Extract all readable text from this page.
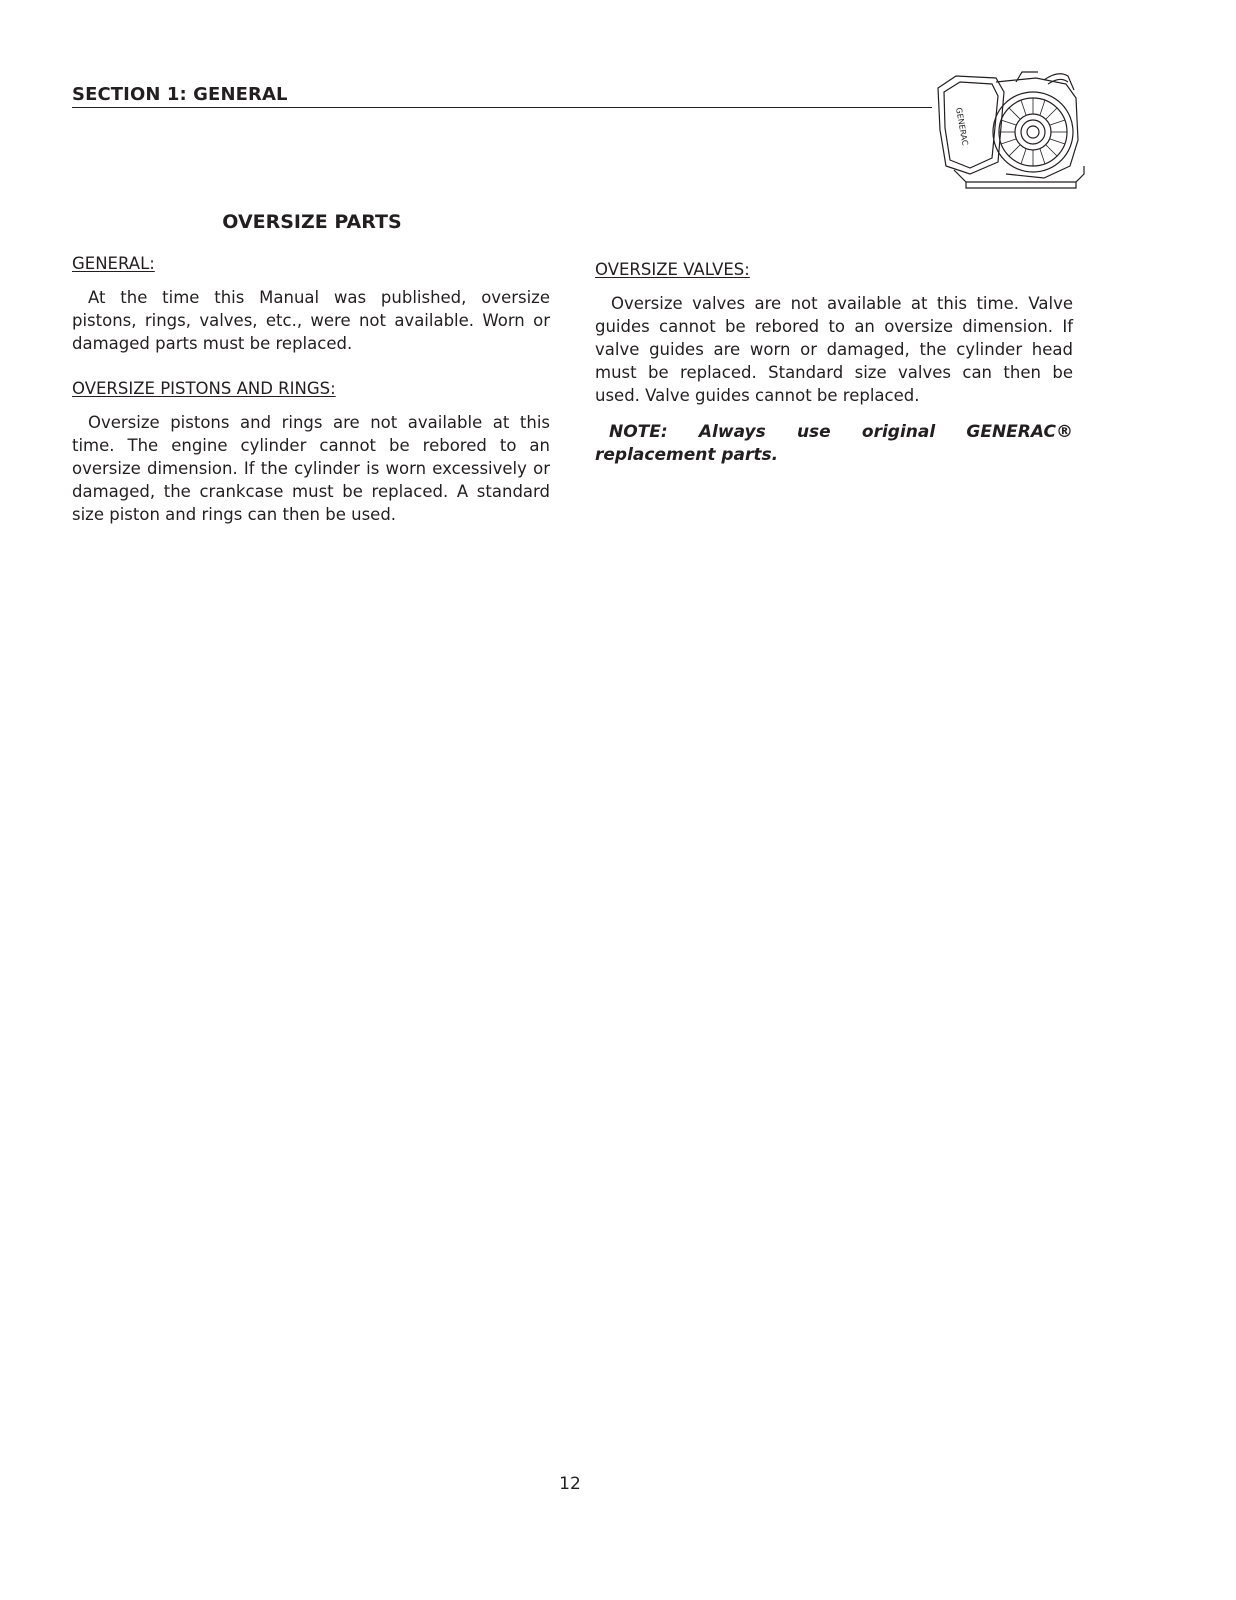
SECTION 1: GENERAL
GENERAC
OVERSIZE PARTS

GENERAL:

At the time this Manual was published, oversize pistons, rings, valves, etc., were not available. Worn or damaged parts must be replaced.

OVERSIZE PISTONS AND RINGS:

Oversize pistons and rings are not available at this time. The engine cylinder cannot be rebored to an oversize dimension. If the cylinder is worn excessively or damaged, the crankcase must be replaced. A standard size piston and rings can then be used.

OVERSIZE VALVES:

Oversize valves are not available at this time. Valve guides cannot be rebored to an oversize dimension. If valve guides are worn or damaged, the cylinder head must be replaced. Standard size valves can then be used. Valve guides cannot be replaced.

NOTE: Always use original GENERAC® replacement parts.

12
